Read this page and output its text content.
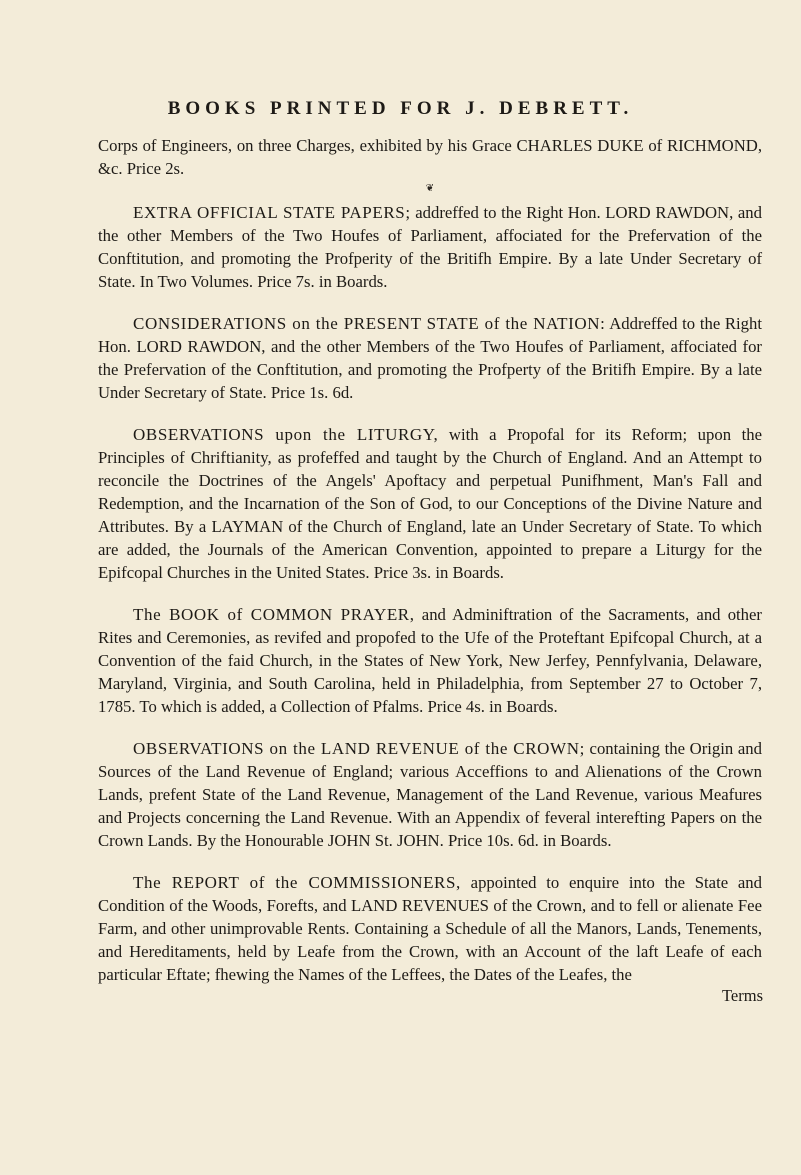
BOOKS PRINTED FOR J. DEBRETT.

Corps of Engineers, on three Charges, exhibited by his Grace CHARLES DUKE of RICHMOND, &c. Price 2s.

❦

EXTRA OFFICIAL STATE PAPERS; addreffed to the Right Hon. LORD RAWDON, and the other Members of the Two Houfes of Parliament, affociated for the Prefervation of the Conftitution, and promoting the Profperity of the Britifh Empire. By a late Under Secretary of State. In Two Volumes. Price 7s. in Boards.

CONSIDERATIONS on the PRESENT STATE of the NATION: Addreffed to the Right Hon. LORD RAWDON, and the other Members of the Two Houfes of Parliament, affociated for the Prefervation of the Conftitution, and promoting the Profperty of the Britifh Empire. By a late Under Secretary of State. Price 1s. 6d.

OBSERVATIONS upon the LITURGY, with a Propofal for its Reform; upon the Principles of Chriftianity, as profeffed and taught by the Church of England. And an Attempt to reconcile the Doctrines of the Angels' Apoftacy and perpetual Punifhment, Man's Fall and Redemption, and the Incarnation of the Son of God, to our Conceptions of the Divine Nature and Attributes. By a LAYMAN of the Church of England, late an Under Secretary of State. To which are added, the Journals of the American Convention, appointed to prepare a Liturgy for the Epifcopal Churches in the United States. Price 3s. in Boards.

The BOOK of COMMON PRAYER, and Adminiftration of the Sacraments, and other Rites and Ceremonies, as revifed and propofed to the Ufe of the Proteftant Epifcopal Church, at a Convention of the faid Church, in the States of New York, New Jerfey, Pennfylvania, Delaware, Maryland, Virginia, and South Carolina, held in Philadelphia, from September 27 to October 7, 1785. To which is added, a Collection of Pfalms. Price 4s. in Boards.

OBSERVATIONS on the LAND REVENUE of the CROWN; containing the Origin and Sources of the Land Revenue of England; various Acceffions to and Alienations of the Crown Lands, prefent State of the Land Revenue, Management of the Land Revenue, various Meafures and Projects concerning the Land Revenue. With an Appendix of feveral interefting Papers on the Crown Lands. By the Honourable JOHN St. JOHN. Price 10s. 6d. in Boards.

The REPORT of the COMMISSIONERS, appointed to enquire into the State and Condition of the Woods, Forefts, and LAND REVENUES of the Crown, and to fell or alienate Fee Farm, and other unimprovable Rents. Containing a Schedule of all the Manors, Lands, Tenements, and Hereditaments, held by Leafe from the Crown, with an Account of the laft Leafe of each particular Eftate; fhewing the Names of the Leffees, the Dates of the Leafes, the

Terms
